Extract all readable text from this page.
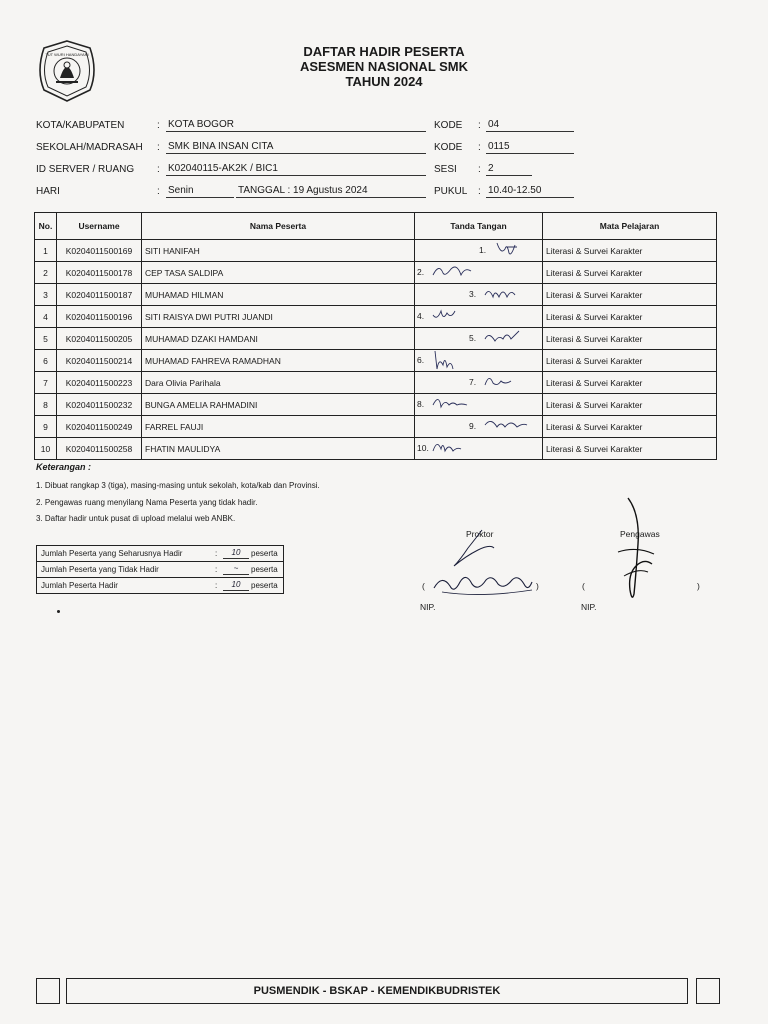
TUT WURI HANDAYANI	DAFTAR HADIR PESERTA
ASESMEN NASIONAL SMK
TAHUN 2024
KOTA/KABUPATEN	: KOTA BOGOR
SEKOLAH/MADRASAH : SMK BINA INSAN CITA
ID SERVER / RUANG : K02040115-AK2K / BIC1
HARI	: Senin	TANGGAL : 19 Agustus 2024
KODE : 04
KODE : 0115
SESI : 2
PUKUL : 10.40-12.50
No.	Username	Nama Peserta	Tanda Tangan	Mata Pelajaran
1	K0204011500169	SITI HANIFAH	1.	Literasi & Survei Karakter
2	K0204011500178	CEP TASA SALDIPA	2.	Literasi & Survei Karakter
3	K0204011500187	MUHAMAD HILMAN	3.	Literasi & Survei Karakter
4	K0204011500196	SITI RAISYA DWI PUTRI JUANDI	4.	Literasi & Survei Karakter
5	K0204011500205	MUHAMAD DZAKI HAMDANI	5.	Literasi & Survei Karakter
6	K0204011500214	MUHAMAD FAHREVA RAMADHAN	6.	Literasi & Survei Karakter
7	K0204011500223	Dara Olivia Parihala	7.	Literasi & Survei Karakter
8	K0204011500232	BUNGA AMELIA RAHMADINI	8.	Literasi & Survei Karakter
9	K0204011500249	FARREL FAUJI	9.	Literasi & Survei Karakter
10	K0204011500258	FHATIN MAULIDYA	10.	Literasi & Survei Karakter
Keterangan :
1. Dibuat rangkap 3 (tiga), masing-masing untuk sekolah, kota/kab dan Provinsi.
2. Pengawas ruang menyilang Nama Peserta yang tidak hadir.
3. Daftar hadir untuk pusat di upload melalui web ANBK.
Jumlah Peserta yang Seharusnya Hadir	:	10	peserta
Jumlah Peserta yang Tidak Hadir	:	~	peserta
Jumlah Peserta Hadir	:	10	peserta
Proktor
(	)
NIP.
Pengawas
(	)
NIP.
PUSMENDIK - BSKAP - KEMENDIKBUDRISTEK
